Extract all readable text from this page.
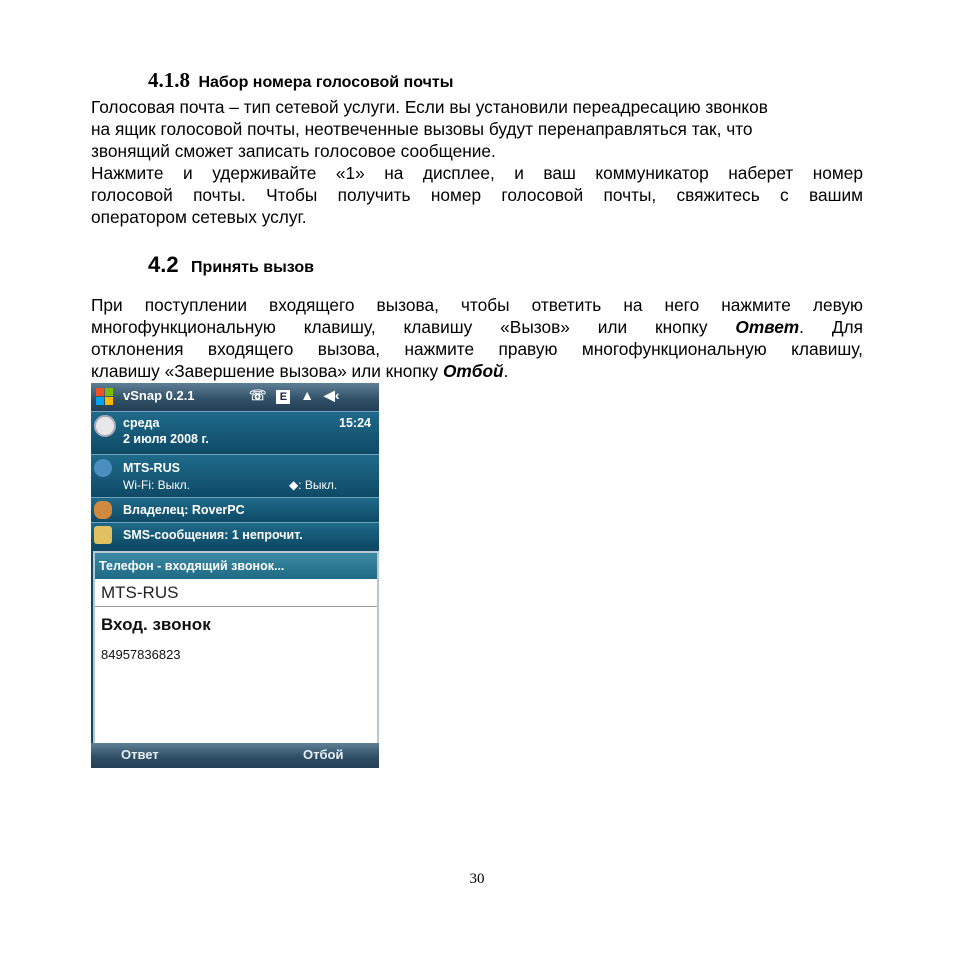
4.1.8 Набор номера голосовой почты
Голосовая почта – тип сетевой услуги. Если вы установили переадресацию звонков
на ящик голосовой почты, неотвеченные вызовы будут перенаправляться так, что
звонящий сможет записать голосовое сообщение.
Нажмите и удерживайте «1» на дисплее, и ваш коммуникатор наберет номер
голосовой почты. Чтобы получить номер голосовой почты, свяжитесь с вашим
оператором сетевых услуг.
4.2 Принять вызов
При поступлении входящего вызова, чтобы ответить на него нажмите левую
многофункциональную клавишу, клавишу «Вызов» или кнопку Ответ. Для
отклонения входящего вызова, нажмите правую многофункциональную клавишу,
клавишу «Завершение вызова» или кнопку Отбой.
vSnap 0.2.1	☏ E ▲ ◀‹
среда
2 июля 2008 г.
15:24
MTS-RUS
Wi-Fi: Выкл.	◆: Выкл.
Владелец: RoverPC
SMS-сообщения: 1 непрочит.
Телефон - входящий звонок...
MTS-RUS
Вход. звонок
84957836823
Ответ	Отбой
30
